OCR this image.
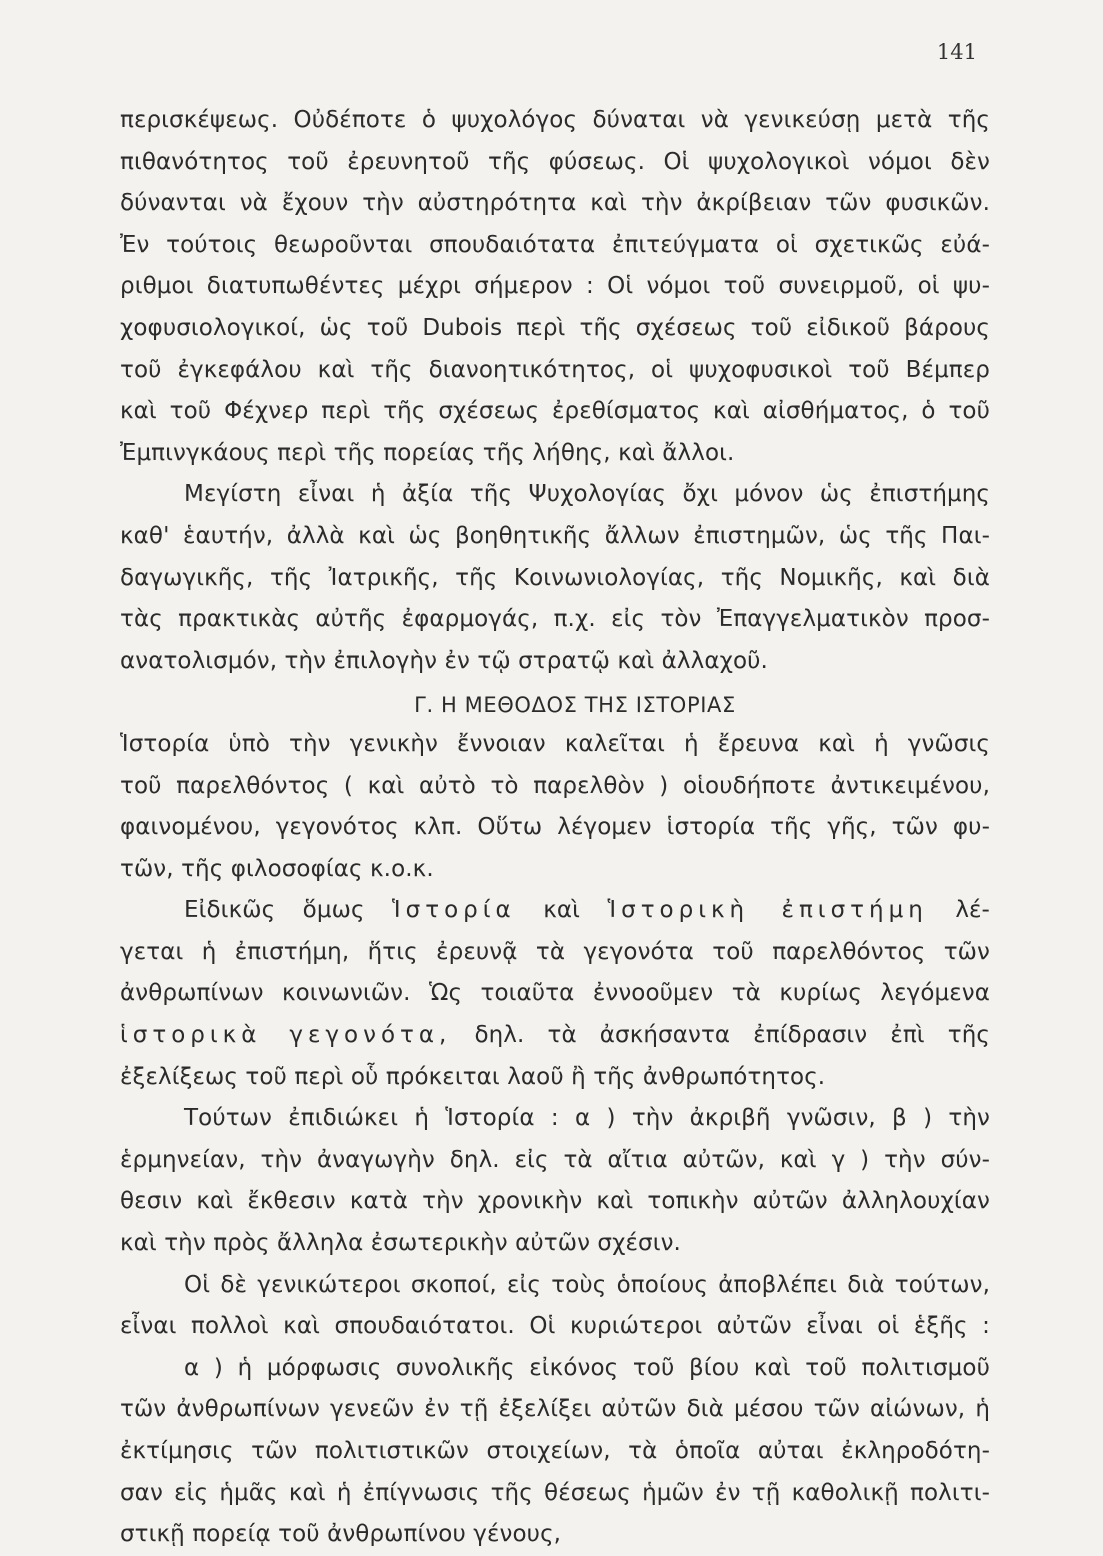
141
περισκέψεως. Οὐδέποτε ὁ ψυχολόγος δύναται νὰ γενικεύσῃ μετὰ τῆς
πιθανότητος τοῦ ἐρευνητοῦ τῆς φύσεως. Οἱ ψυχολογικοὶ νόμοι δὲν
δύνανται νὰ ἔχουν τὴν αὐστηρότητα καὶ τὴν ἀκρίβειαν τῶν φυσικῶν.
Ἐν τούτοις θεωροῦνται σπουδαιότατα ἐπιτεύγματα οἱ σχετικῶς εὐά-
ριθμοι διατυπωθέντες μέχρι σήμερον : Οἱ νόμοι τοῦ συνειρμοῦ, οἱ ψυ-
χοφυσιολογικοί, ὡς τοῦ Dubois περὶ τῆς σχέσεως τοῦ εἰδικοῦ βάρους
τοῦ ἐγκεφάλου καὶ τῆς διανοητικότητος, οἱ ψυχοφυσικοὶ τοῦ Βέμπερ
καὶ τοῦ Φέχνερ περὶ τῆς σχέσεως ἐρεθίσματος καὶ αἰσθήματος, ὁ τοῦ
Ἐμπινγκάους περὶ τῆς πορείας τῆς λήθης, καὶ ἄλλοι.
Μεγίστη εἶναι ἡ ἀξία τῆς Ψυχολογίας ὄχι μόνον ὡς ἐπιστήμης
καθ' ἑαυτήν, ἀλλὰ καὶ ὡς βοηθητικῆς ἄλλων ἐπιστημῶν, ὡς τῆς Παι-
δαγωγικῆς, τῆς Ἰατρικῆς, τῆς Κοινωνιολογίας, τῆς Νομικῆς, καὶ διὰ
τὰς πρακτικὰς αὐτῆς ἐφαρμογάς, π.χ. εἰς τὸν Ἐπαγγελματικὸν προσ-
ανατολισμόν, τὴν ἐπιλογὴν ἐν τῷ στρατῷ καὶ ἀλλαχοῦ.
Γ. Η ΜΕΘΟΔΟΣ ΤΗΣ ΙΣΤΟΡΙΑΣ
Ἱστορία ὑπὸ τὴν γενικὴν ἔννοιαν καλεῖται ἡ ἔρευνα καὶ ἡ γνῶσις
τοῦ παρελθόντος ( καὶ αὐτὸ τὸ παρελθὸν ) οἱουδήποτε ἀντικειμένου,
φαινομένου, γεγονότος κλπ. Οὕτω λέγομεν ἱστορία τῆς γῆς, τῶν φυ-
τῶν, τῆς φιλοσοφίας κ.ο.κ.
Εἰδικῶς ὅμως Ἱστορία καὶ Ἱστορικὴ ἐπιστήμη λέ-
γεται ἡ ἐπιστήμη, ἥτις ἐρευνᾷ τὰ γεγονότα τοῦ παρελθόντος τῶν
ἀνθρωπίνων κοινωνιῶν. Ὡς τοιαῦτα ἐννοοῦμεν τὰ κυρίως λεγόμενα
ἱστορικὰ γεγονότα, δηλ. τὰ ἀσκήσαντα ἐπίδρασιν ἐπὶ τῆς
ἐξελίξεως τοῦ περὶ οὗ πρόκειται λαοῦ ἢ τῆς ἀνθρωπότητος.
Τούτων ἐπιδιώκει ἡ Ἱστορία : α ) τὴν ἀκριβῆ γνῶσιν, β ) τὴν
ἑρμηνείαν, τὴν ἀναγωγὴν δηλ. εἰς τὰ αἴτια αὐτῶν, καὶ γ ) τὴν σύν-
θεσιν καὶ ἔκθεσιν κατὰ τὴν χρονικὴν καὶ τοπικὴν αὐτῶν ἀλληλουχίαν
καὶ τὴν πρὸς ἄλληλα ἐσωτερικὴν αὐτῶν σχέσιν.
Οἱ δὲ γενικώτεροι σκοποί, εἰς τοὺς ὁποίους ἀποβλέπει διὰ τούτων,
εἶναι πολλοὶ καὶ σπουδαιότατοι. Οἱ κυριώτεροι αὐτῶν εἶναι οἱ ἑξῆς :
α ) ἡ μόρφωσις συνολικῆς εἰκόνος τοῦ βίου καὶ τοῦ πολιτισμοῦ
τῶν ἀνθρωπίνων γενεῶν ἐν τῇ ἐξελίξει αὐτῶν διὰ μέσου τῶν αἰώνων, ἡ
ἐκτίμησις τῶν πολιτιστικῶν στοιχείων, τὰ ὁποῖα αὐται ἐκληροδότη-
σαν εἰς ἡμᾶς καὶ ἡ ἐπίγνωσις τῆς θέσεως ἡμῶν ἐν τῇ καθολικῇ πολιτι-
στικῇ πορείᾳ τοῦ ἀνθρωπίνου γένους,
